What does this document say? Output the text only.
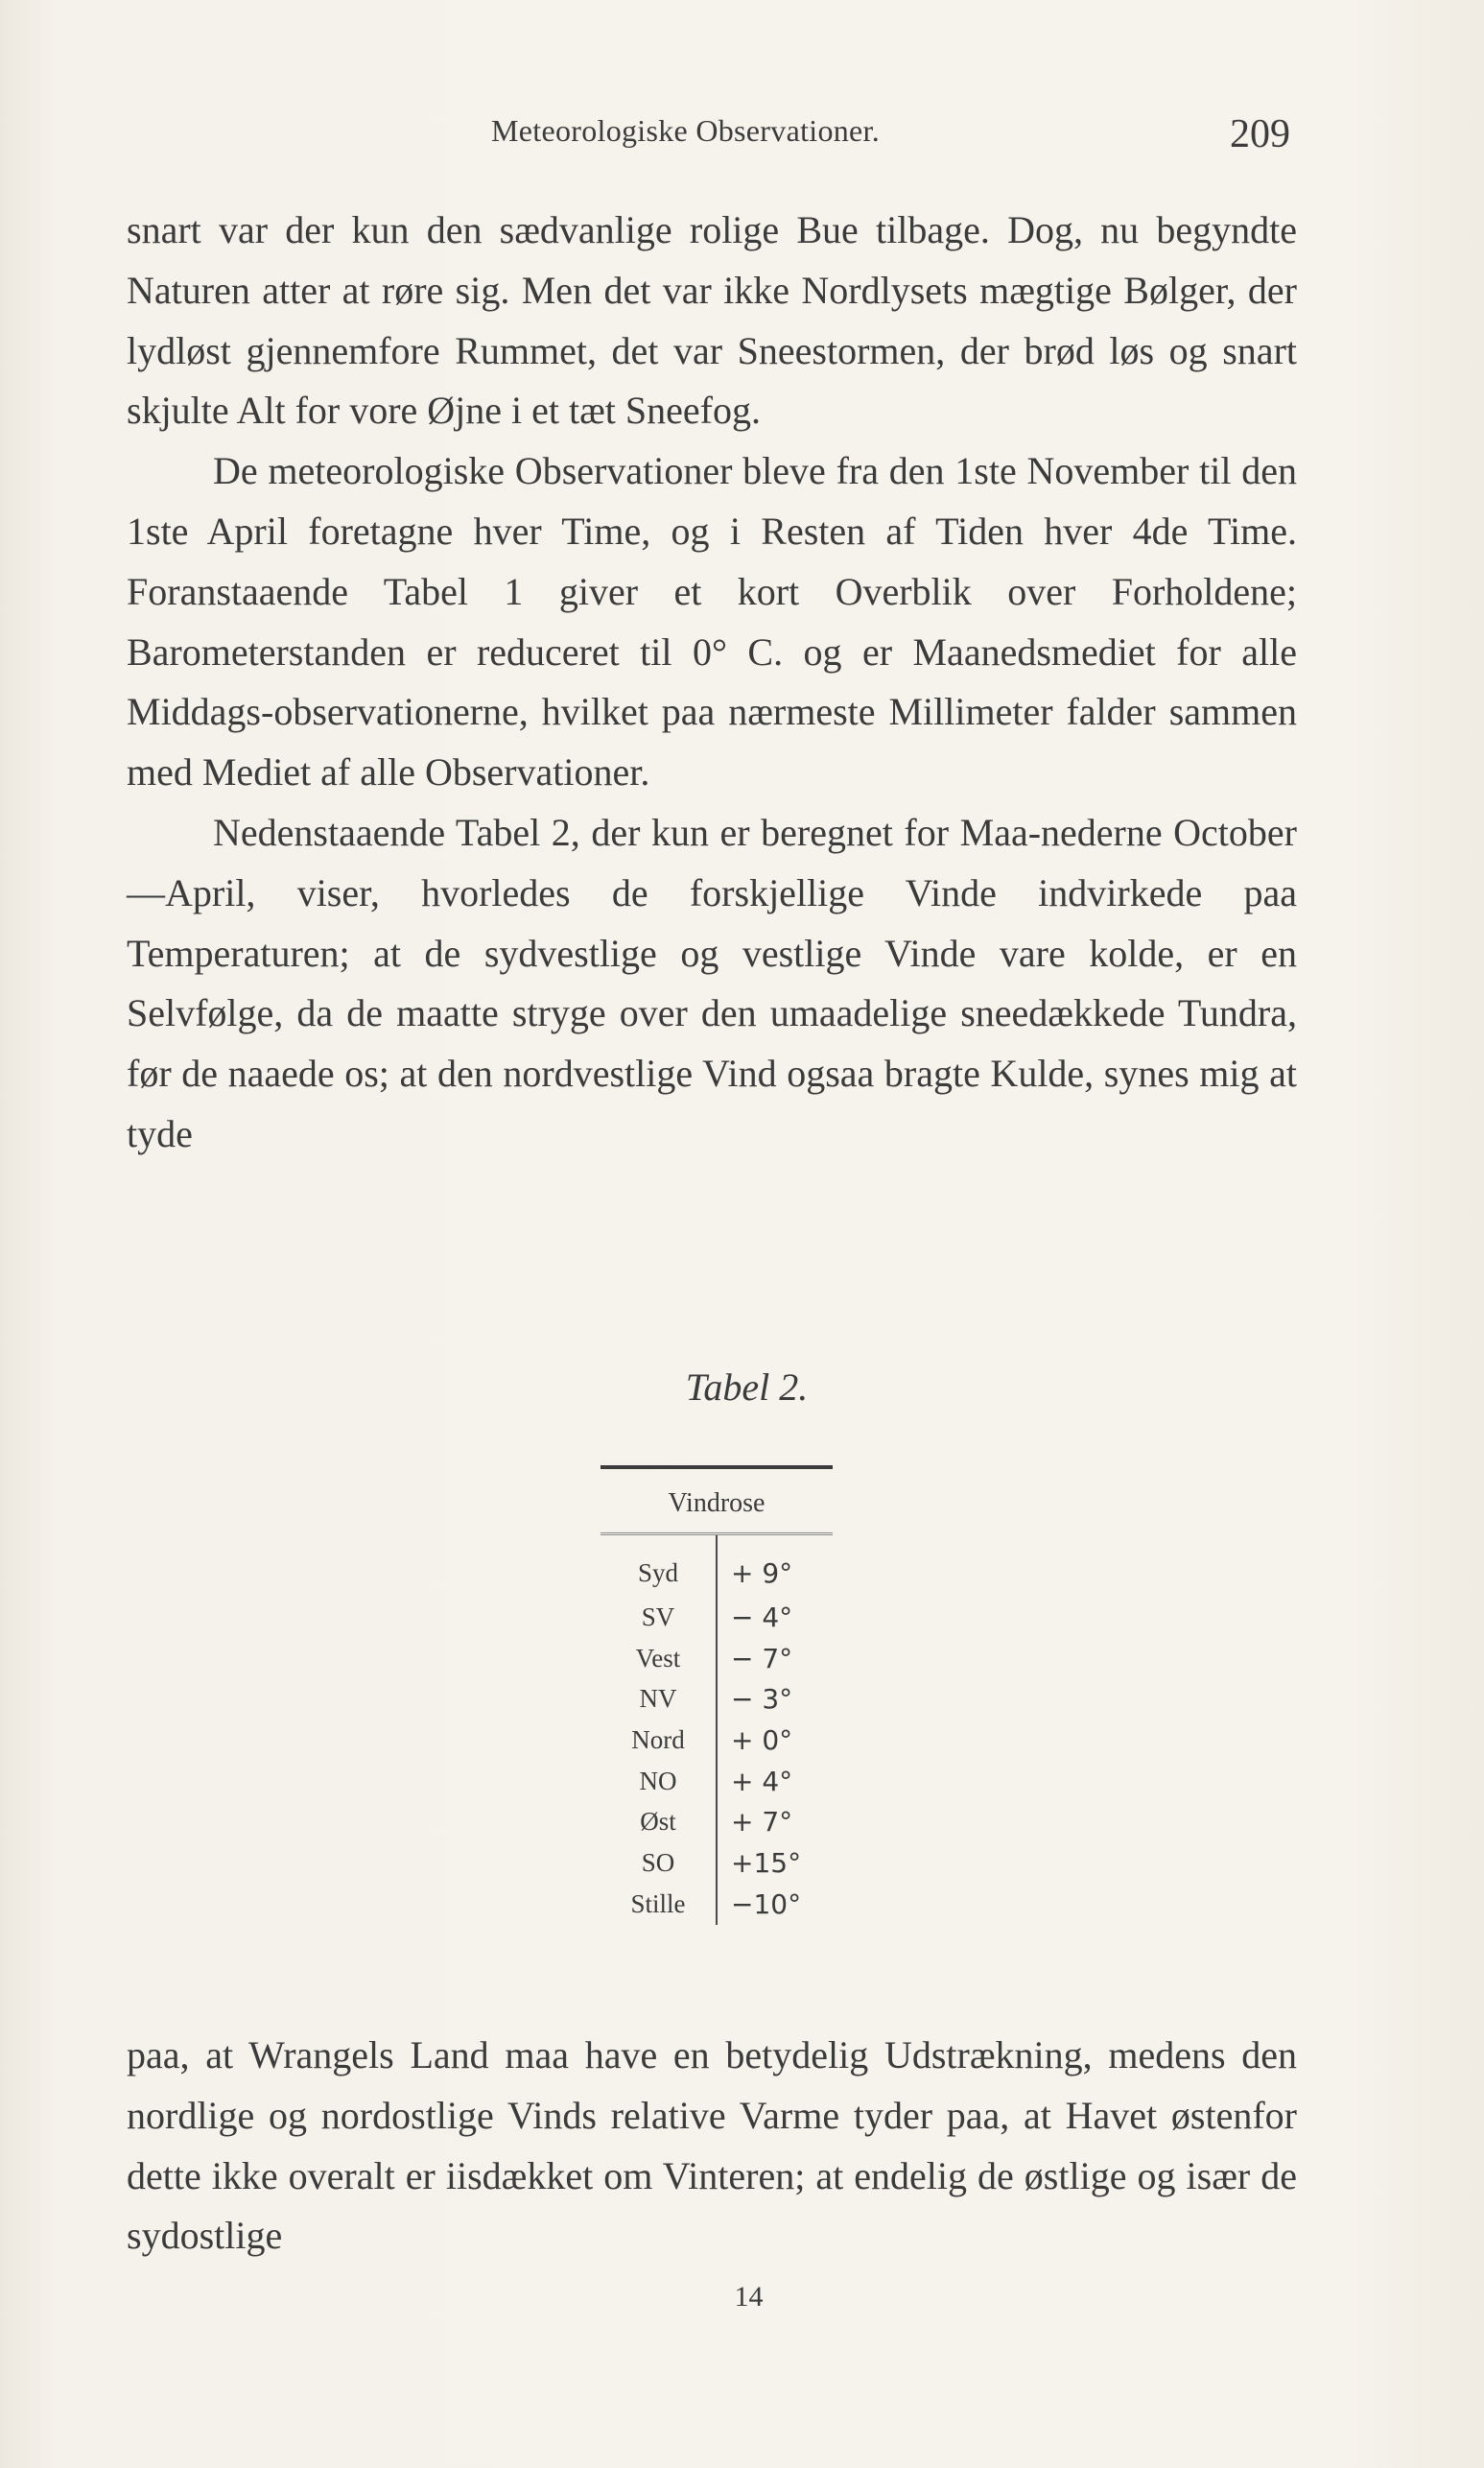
Meteorologiske Observationer.	209

snart var der kun den sædvanlige rolige Bue tilbage. Dog, nu begyndte Naturen atter at røre sig. Men det var ikke Nordlysets mægtige Bølger, der lydløst gjennemfore Rummet, det var Sneestormen, der brød løs og snart skjulte Alt for vore Øjne i et tæt Sneefog.

De meteorologiske Observationer bleve fra den 1ste November til den 1ste April foretagne hver Time, og i Resten af Tiden hver 4de Time. Foranstaaende Tabel 1 giver et kort Overblik over Forholdene; Barometerstanden er reduceret til 0° C. og er Maanedsmediet for alle Middags-observationerne, hvilket paa nærmeste Millimeter falder sammen med Mediet af alle Observationer.

Nedenstaaende Tabel 2, der kun er beregnet for Maa-nederne October—April, viser, hvorledes de forskjellige Vinde indvirkede paa Temperaturen; at de sydvestlige og vestlige Vinde vare kolde, er en Selvfølge, da de maatte stryge over den umaadelige sneedækkede Tundra, før de naaede os; at den nordvestlige Vind ogsaa bragte Kulde, synes mig at tyde

Tabel 2.
Vindrose	
Syd	+ 9°
SV	− 4°
Vest	− 7°
NV	− 3°
Nord	+ 0°
NO	+ 4°
Øst	+ 7°
SO	+15°
Stille	−10°

paa, at Wrangels Land maa have en betydelig Udstrækning, medens den nordlige og nordostlige Vinds relative Varme tyder paa, at Havet østenfor dette ikke overalt er iisdækket om Vinteren; at endelig de østlige og især de sydostlige

14
